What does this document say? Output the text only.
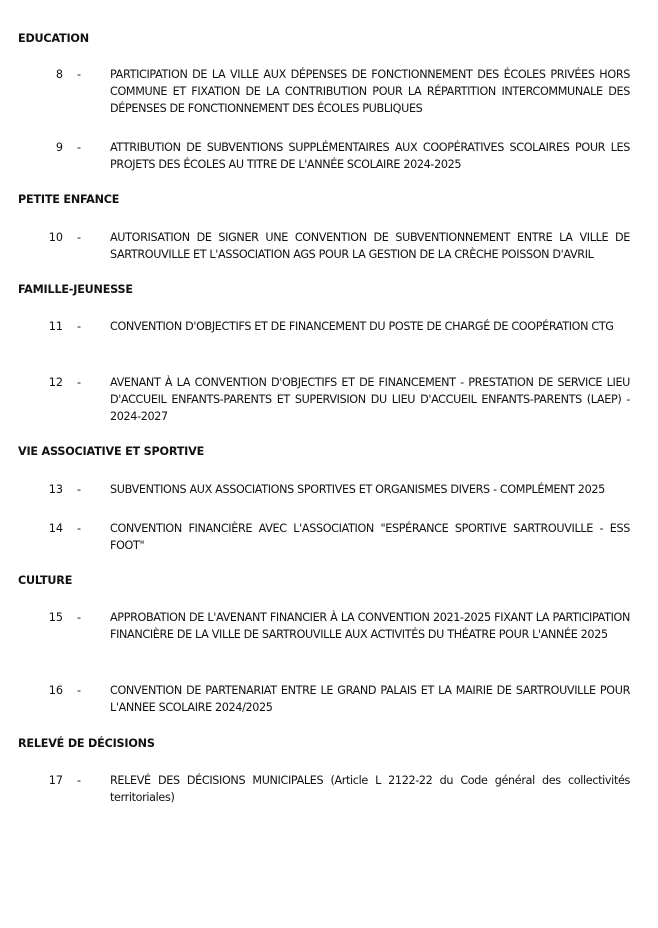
EDUCATION
8 -	PARTICIPATION DE LA VILLE AUX DÉPENSES DE FONCTIONNEMENT DES ÉCOLES PRIVÉES HORS COMMUNE ET FIXATION DE LA CONTRIBUTION POUR LA RÉPARTITION INTERCOMMUNALE DES DÉPENSES DE FONCTIONNEMENT DES ÉCOLES PUBLIQUES
9 -	ATTRIBUTION DE SUBVENTIONS SUPPLÉMENTAIRES AUX COOPÉRATIVES SCOLAIRES POUR LES PROJETS DES ÉCOLES AU TITRE DE L'ANNÉE SCOLAIRE 2024-2025
PETITE ENFANCE
10 -	AUTORISATION DE SIGNER UNE CONVENTION DE SUBVENTIONNEMENT ENTRE LA VILLE DE SARTROUVILLE ET L'ASSOCIATION AGS POUR LA GESTION DE LA CRÈCHE POISSON D'AVRIL
FAMILLE-JEUNESSE
11 -	CONVENTION D'OBJECTIFS ET DE FINANCEMENT DU POSTE DE CHARGÉ DE COOPÉRATION CTG
12 -	AVENANT À LA CONVENTION D'OBJECTIFS ET DE FINANCEMENT - PRESTATION DE SERVICE LIEU D'ACCUEIL ENFANTS-PARENTS ET SUPERVISION DU LIEU D'ACCUEIL ENFANTS-PARENTS (LAEP) - 2024-2027
VIE ASSOCIATIVE ET SPORTIVE
13 -	SUBVENTIONS AUX ASSOCIATIONS SPORTIVES ET ORGANISMES DIVERS - COMPLÉMENT 2025
14 -	CONVENTION FINANCIÈRE AVEC L'ASSOCIATION "ESPÉRANCE SPORTIVE SARTROUVILLE - ESS FOOT"
CULTURE
15 -	APPROBATION DE L'AVENANT FINANCIER À LA CONVENTION 2021-2025 FIXANT LA PARTICIPATION FINANCIÈRE DE LA VILLE DE SARTROUVILLE AUX ACTIVITÉS DU THÉATRE POUR L'ANNÉE 2025
16 -	CONVENTION DE PARTENARIAT ENTRE LE GRAND PALAIS ET LA MAIRIE DE SARTROUVILLE POUR L'ANNEE SCOLAIRE 2024/2025
RELEVÉ DE DÉCISIONS
17 -	RELEVÉ DES DÉCISIONS MUNICIPALES (Article L 2122-22 du Code général des collectivités territoriales)
